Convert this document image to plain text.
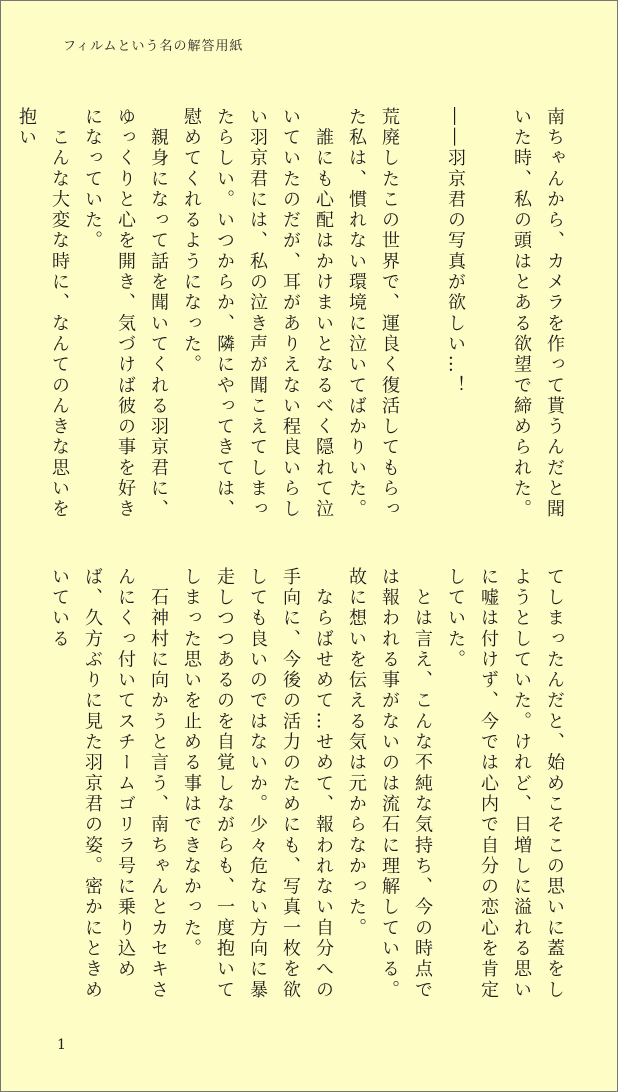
フィルムという名の解答用紙
南ちゃんから、カメラを作って貰うんだと聞いた時、私の頭はとある欲望で締められた。

――羽京君の写真が欲しい…！

荒廃したこの世界で、運良く復活してもらった私は、慣れない環境に泣いてばかりいた。
　誰にも心配はかけまいとなるべく隠れて泣いていたのだが、耳がありえない程良いらしい羽京君には、私の泣き声が聞こえてしまったらしい。いつからか、隣にやってきては、慰めてくれるようになった。
　親身になって話を聞いてくれる羽京君に、ゆっくりと心を開き、気づけば彼の事を好きになっていた。
　こんな大変な時に、なんてのんきな思いを抱い
てしまったんだと、始めこそこの思いに蓋をしようとしていた。けれど、日増しに溢れる思いに嘘は付けず、今では心内で自分の恋心を肯定していた。
　とは言え、こんな不純な気持ち、今の時点では報われる事がないのは流石に理解している。故に想いを伝える気は元からなかった。
　ならばせめて…せめて、報われない自分への手向に、今後の活力のためにも、写真一枚を欲しても良いのではないか。少々危ない方向に暴走しつつあるのを自覚しながらも、一度抱いてしまった思いを止める事はできなかった。
　石神村に向かうと言う、南ちゃんとカセキさんにくっ付いてスチームゴリラ号に乗り込めば、久方ぶりに見た羽京君の姿。密かにときめいている
1
